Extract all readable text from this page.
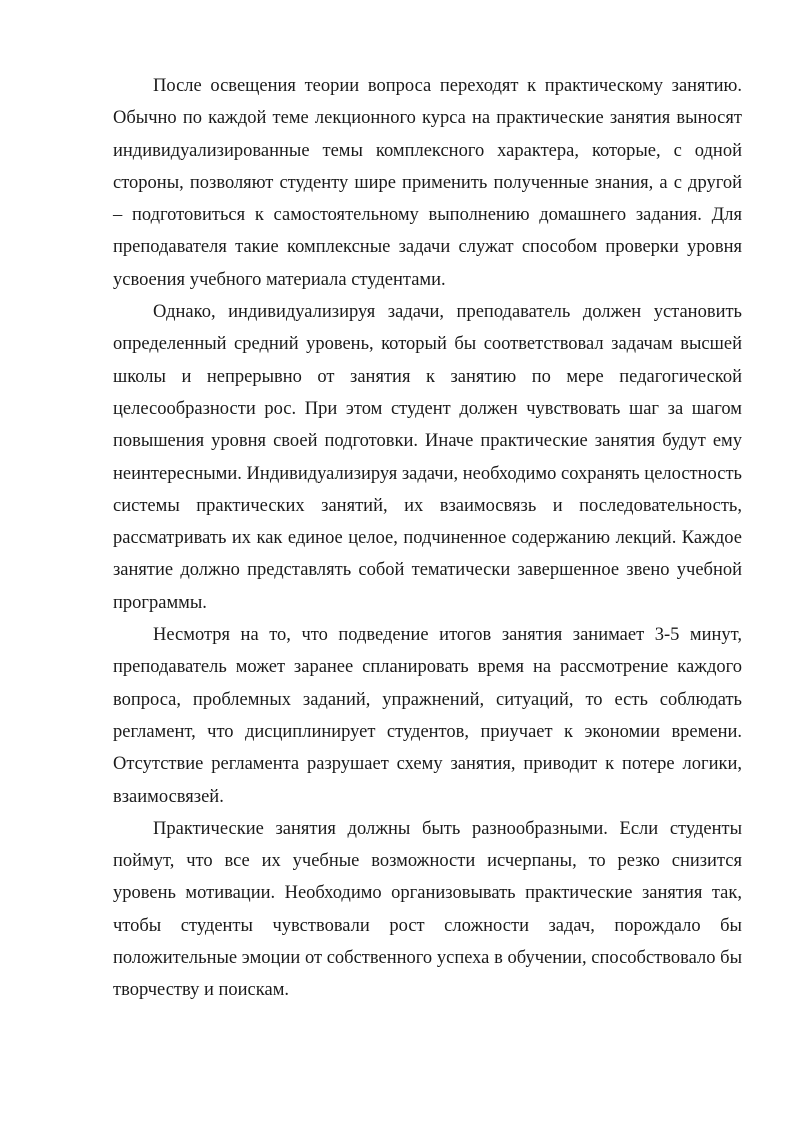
После освещения теории вопроса переходят к практическому занятию. Обычно по каждой теме лекционного курса на практические занятия выносят индивидуализированные темы комплексного характера, которые, с одной стороны, позволяют студенту шире применить полученные знания, а с другой – подготовиться к самостоятельному выполнению домашнего задания. Для преподавателя такие комплексные задачи служат способом проверки уровня усвоения учебного материала студентами.

Однако, индивидуализируя задачи, преподаватель должен установить определенный средний уровень, который бы соответствовал задачам высшей школы и непрерывно от занятия к занятию по мере педагогической целесообразности рос. При этом студент должен чувствовать шаг за шагом повышения уровня своей подготовки. Иначе практические занятия будут ему неинтересными. Индивидуализируя задачи, необходимо сохранять целостность системы практических занятий, их взаимосвязь и последовательность, рассматривать их как единое целое, подчиненное содержанию лекций. Каждое занятие должно представлять собой тематически завершенное звено учебной программы.

Несмотря на то, что подведение итогов занятия занимает 3-5 минут, преподаватель может заранее спланировать время на рассмотрение каждого вопроса, проблемных заданий, упражнений, ситуаций, то есть соблюдать регламент, что дисциплинирует студентов, приучает к экономии времени. Отсутствие регламента разрушает схему занятия, приводит к потере логики, взаимосвязей.

Практические занятия должны быть разнообразными. Если студенты поймут, что все их учебные возможности исчерпаны, то резко снизится уровень мотивации. Необходимо организовывать практические занятия так, чтобы студенты чувствовали рост сложности задач, порождало бы положительные эмоции от собственного успеха в обучении, способствовало бы творчеству и поискам.
